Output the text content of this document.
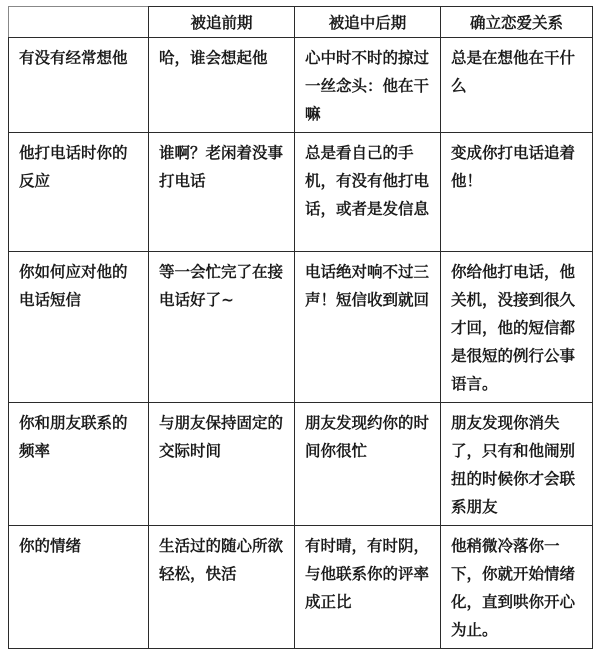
	被追前期	被追中后期	确立恋爱关系
有没有经常想他	哈，谁会想起他	心中时不时的掠过一丝念头：他在干嘛	总是在想他在干什么
他打电话时你的反应	谁啊？老闲着没事打电话	总是看自己的手机，有没有他打电话，或者是发信息	变成你打电话追着他！
你如何应对他的电话短信	等一会忙完了在接电话好了~	电话绝对响不过三声！短信收到就回	你给他打电话，他关机，没接到很久才回，他的短信都是很短的例行公事语言。
你和朋友联系的频率	与朋友保持固定的交际时间	朋友发现约你的时间你很忙	朋友发现你消失了，只有和他闹别扭的时候你才会联系朋友
你的情绪	生活过的随心所欲轻松，快活	有时晴，有时阴，与他联系你的评率成正比	他稍微冷落你一下，你就开始情绪化，直到哄你开心为止。
